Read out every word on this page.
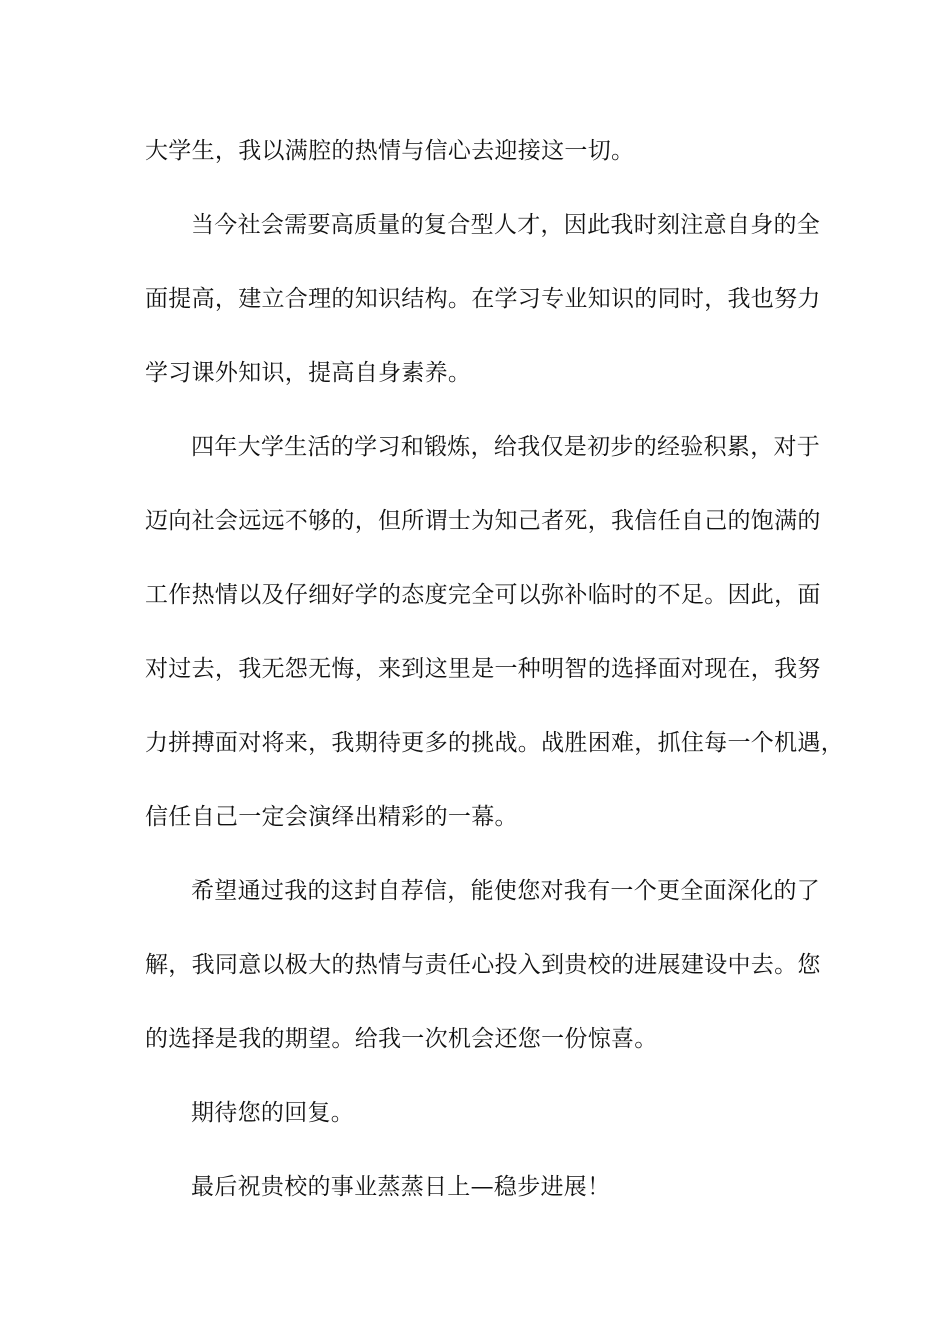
大学生，我以满腔的热情与信心去迎接这一切。
当今社会需要高质量的复合型人才，因此我时刻注意自身的全
面提高，建立合理的知识结构。在学习专业知识的同时，我也努力
学习课外知识，提高自身素养。
四年大学生活的学习和锻炼，给我仅是初步的经验积累，对于
迈向社会远远不够的，但所谓士为知己者死，我信任自己的饱满的
工作热情以及仔细好学的态度完全可以弥补临时的不足。因此，面
对过去，我无怨无悔，来到这里是一种明智的选择面对现在，我努
力拼搏面对将来，我期待更多的挑战。战胜困难，抓住每一个机遇，
信任自己一定会演绎出精彩的一幕。
希望通过我的这封自荐信，能使您对我有一个更全面深化的了
解，我同意以极大的热情与责任心投入到贵校的进展建设中去。您
的选择是我的期望。给我一次机会还您一份惊喜。
期待您的回复。
最后祝贵校的事业蒸蒸日上—稳步进展！
